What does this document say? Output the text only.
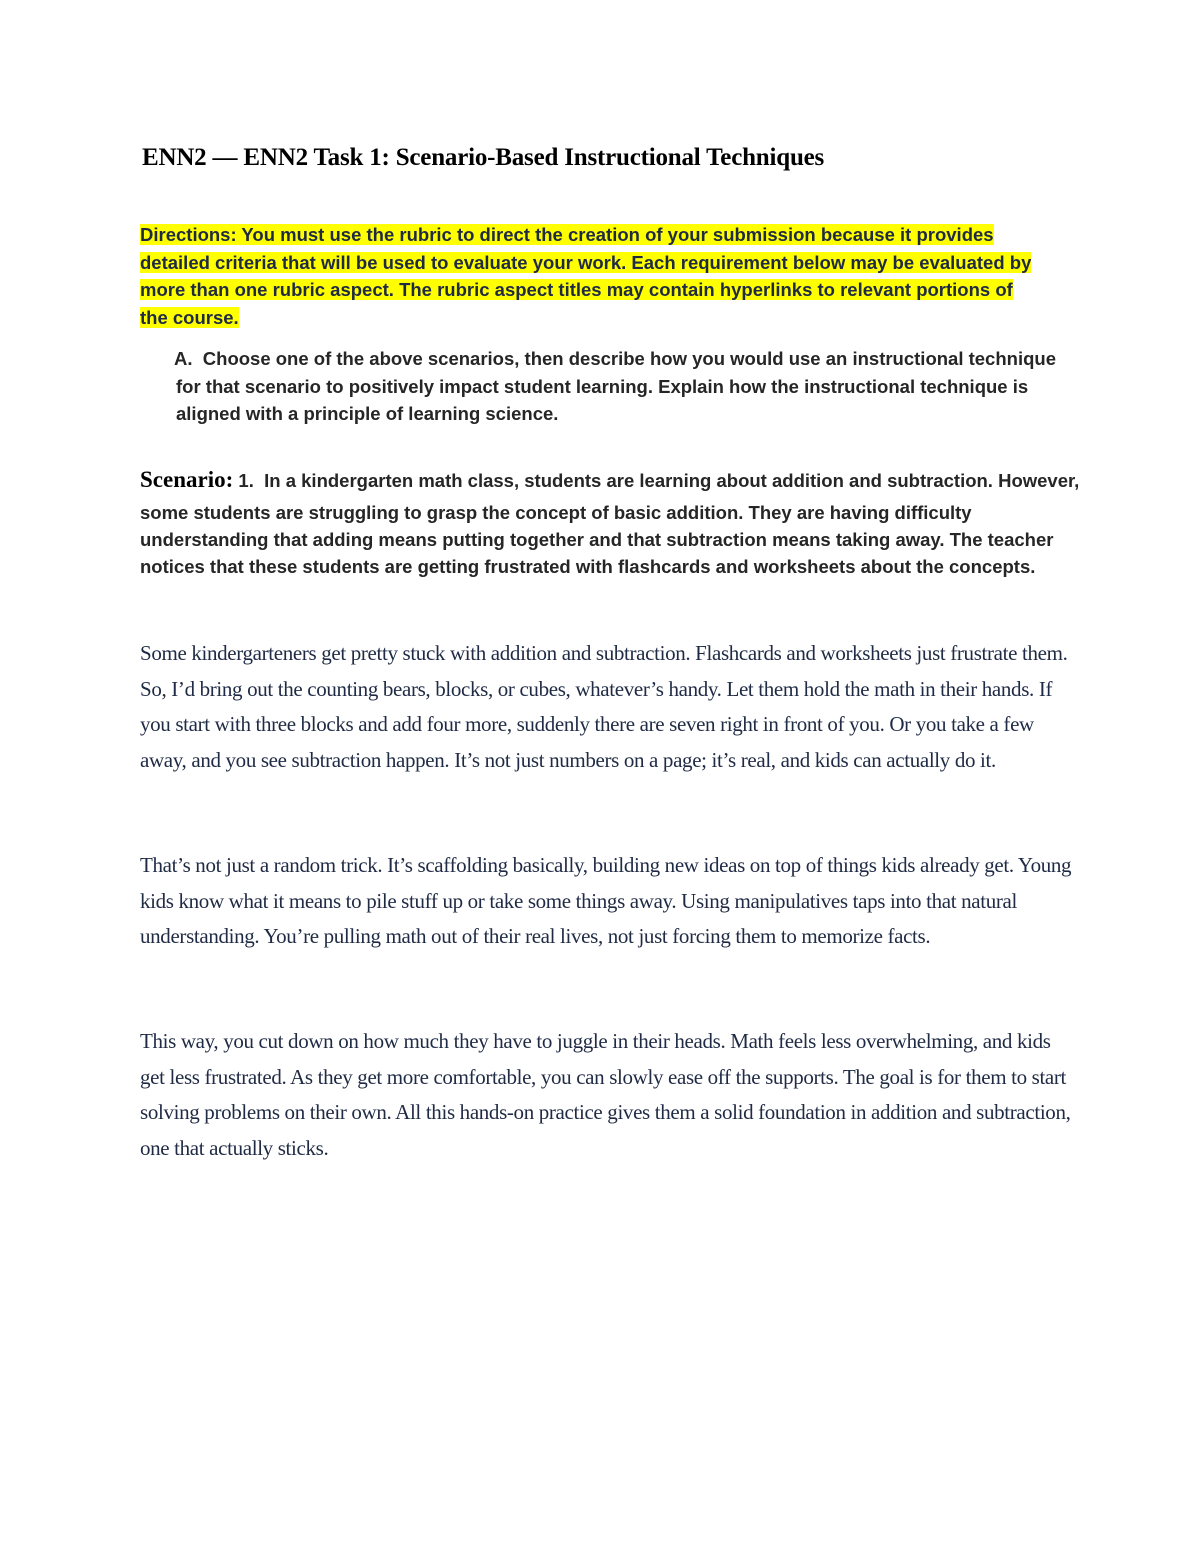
ENN2 — ENN2 Task 1: Scenario-Based Instructional Techniques

Directions: You must use the rubric to direct the creation of your submission because it provides detailed criteria that will be used to evaluate your work. Each requirement below may be evaluated by more than one rubric aspect. The rubric aspect titles may contain hyperlinks to relevant portions of the course.

A. Choose one of the above scenarios, then describe how you would use an instructional technique for that scenario to positively impact student learning. Explain how the instructional technique is aligned with a principle of learning science.

Scenario: 1. In a kindergarten math class, students are learning about addition and subtraction. However, some students are struggling to grasp the concept of basic addition. They are having difficulty understanding that adding means putting together and that subtraction means taking away. The teacher notices that these students are getting frustrated with flashcards and worksheets about the concepts.

Some kindergarteners get pretty stuck with addition and subtraction. Flashcards and worksheets just frustrate them. So, I’d bring out the counting bears, blocks, or cubes, whatever’s handy. Let them hold the math in their hands. If you start with three blocks and add four more, suddenly there are seven right in front of you. Or you take a few away, and you see subtraction happen. It’s not just numbers on a page; it’s real, and kids can actually do it.

That’s not just a random trick. It’s scaffolding basically, building new ideas on top of things kids already get. Young kids know what it means to pile stuff up or take some things away. Using manipulatives taps into that natural understanding. You’re pulling math out of their real lives, not just forcing them to memorize facts.

This way, you cut down on how much they have to juggle in their heads. Math feels less overwhelming, and kids get less frustrated. As they get more comfortable, you can slowly ease off the supports. The goal is for them to start solving problems on their own. All this hands-on practice gives them a solid foundation in addition and subtraction, one that actually sticks.
